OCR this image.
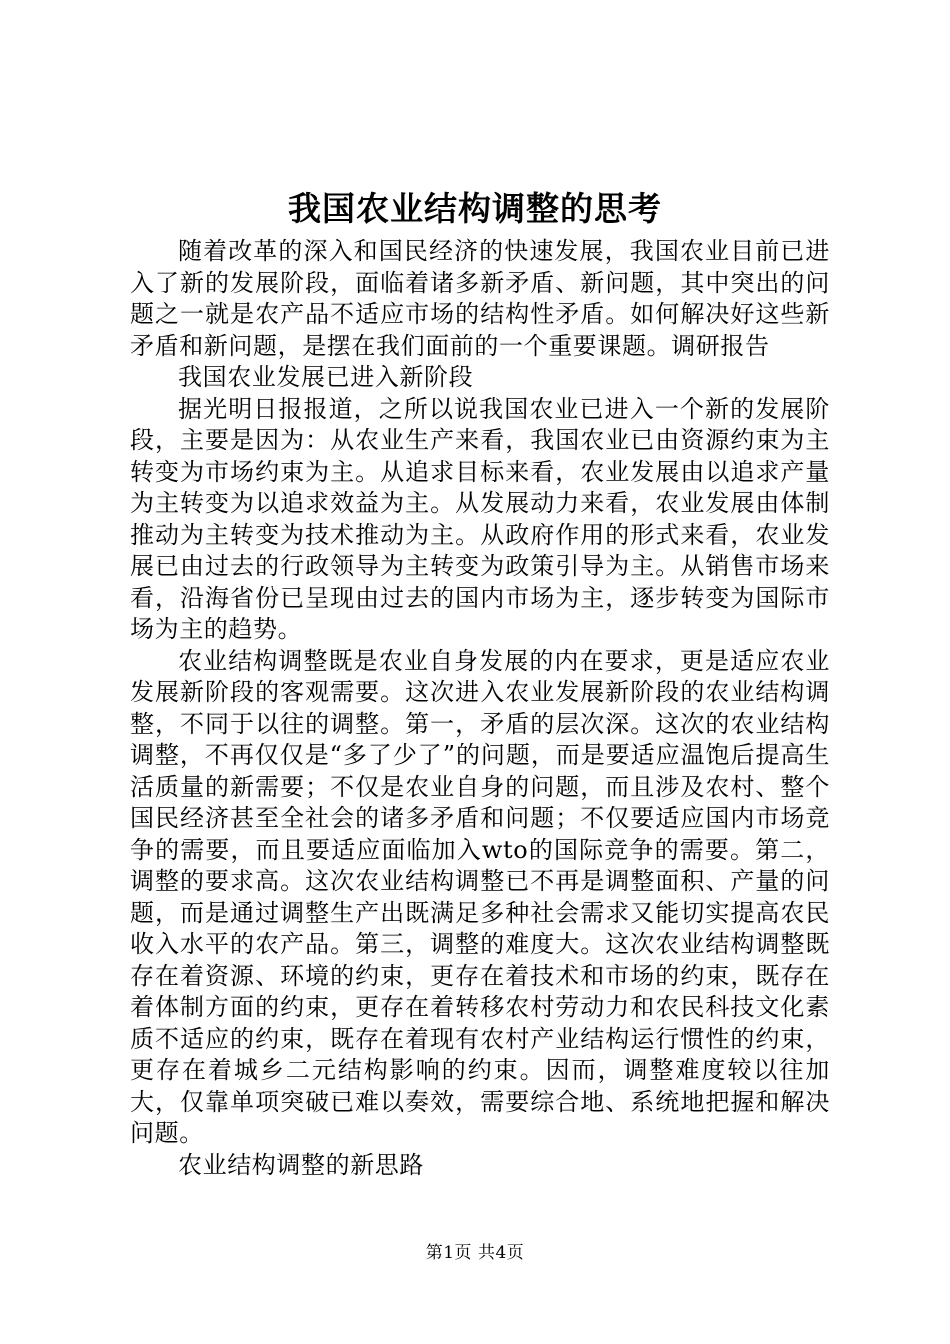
我国农业结构调整的思考

随着改革的深入和国民经济的快速发展，我国农业目前已进入了新的发展阶段，面临着诸多新矛盾、新问题，其中突出的问题之一就是农产品不适应市场的结构性矛盾。如何解决好这些新矛盾和新问题，是摆在我们面前的一个重要课题。调研报告

我国农业发展已进入新阶段

据光明日报报道，之所以说我国农业已进入一个新的发展阶段，主要是因为：从农业生产来看，我国农业已由资源约束为主转变为市场约束为主。从追求目标来看，农业发展由以追求产量为主转变为以追求效益为主。从发展动力来看，农业发展由体制推动为主转变为技术推动为主。从政府作用的形式来看，农业发展已由过去的行政领导为主转变为政策引导为主。从销售市场来看，沿海省份已呈现由过去的国内市场为主，逐步转变为国际市场为主的趋势。

农业结构调整既是农业自身发展的内在要求，更是适应农业发展新阶段的客观需要。这次进入农业发展新阶段的农业结构调整，不同于以往的调整。第一，矛盾的层次深。这次的农业结构调整，不再仅仅是“多了少了”的问题，而是要适应温饱后提高生活质量的新需要；不仅是农业自身的问题，而且涉及农村、整个国民经济甚至全社会的诸多矛盾和问题；不仅要适应国内市场竞争的需要，而且要适应面临加入wto的国际竞争的需要。第二，调整的要求高。这次农业结构调整已不再是调整面积、产量的问题，而是通过调整生产出既满足多种社会需求又能切实提高农民收入水平的农产品。第三，调整的难度大。这次农业结构调整既存在着资源、环境的约束，更存在着技术和市场的约束，既存在着体制方面的约束，更存在着转移农村劳动力和农民科技文化素质不适应的约束，既存在着现有农村产业结构运行惯性的约束，更存在着城乡二元结构影响的约束。因而，调整难度较以往加大，仅靠单项突破已难以奏效，需要综合地、系统地把握和解决问题。

农业结构调整的新思路

第1页 共4页
